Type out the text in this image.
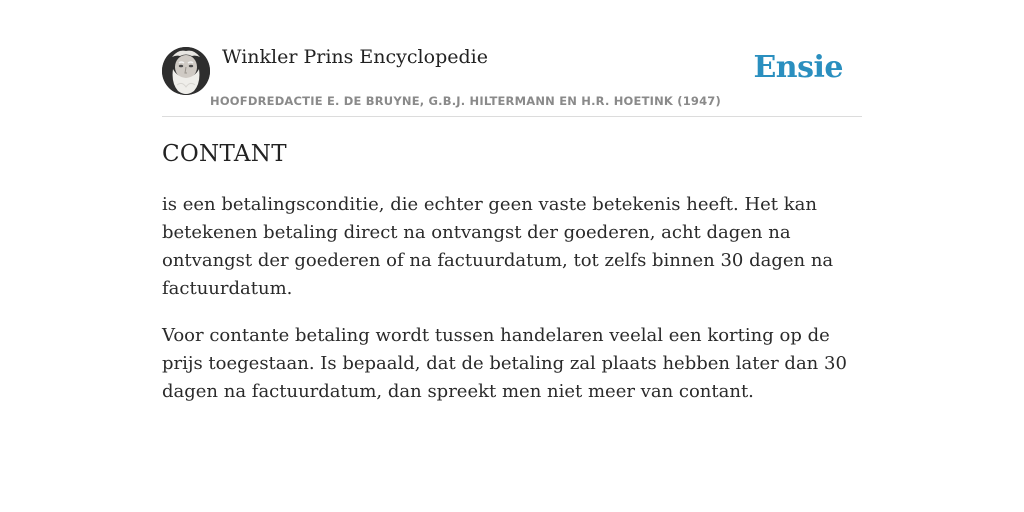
Winkler Prins Encyclopedie
HOOFDREDACTIE E. DE BRUYNE, G.B.J. HILTERMANN EN H.R. HOETINK (1947)
Ensie
CONTANT

is een betalingsconditie, die echter geen vaste betekenis heeft. Het kan betekenen betaling direct na ontvangst der goederen, acht dagen na ontvangst der goederen of na factuurdatum, tot zelfs binnen 30 dagen na factuurdatum.

Voor contante betaling wordt tussen handelaren veelal een korting op de prijs toegestaan. Is bepaald, dat de betaling zal plaats hebben later dan 30 dagen na factuurdatum, dan spreekt men niet meer van contant.
